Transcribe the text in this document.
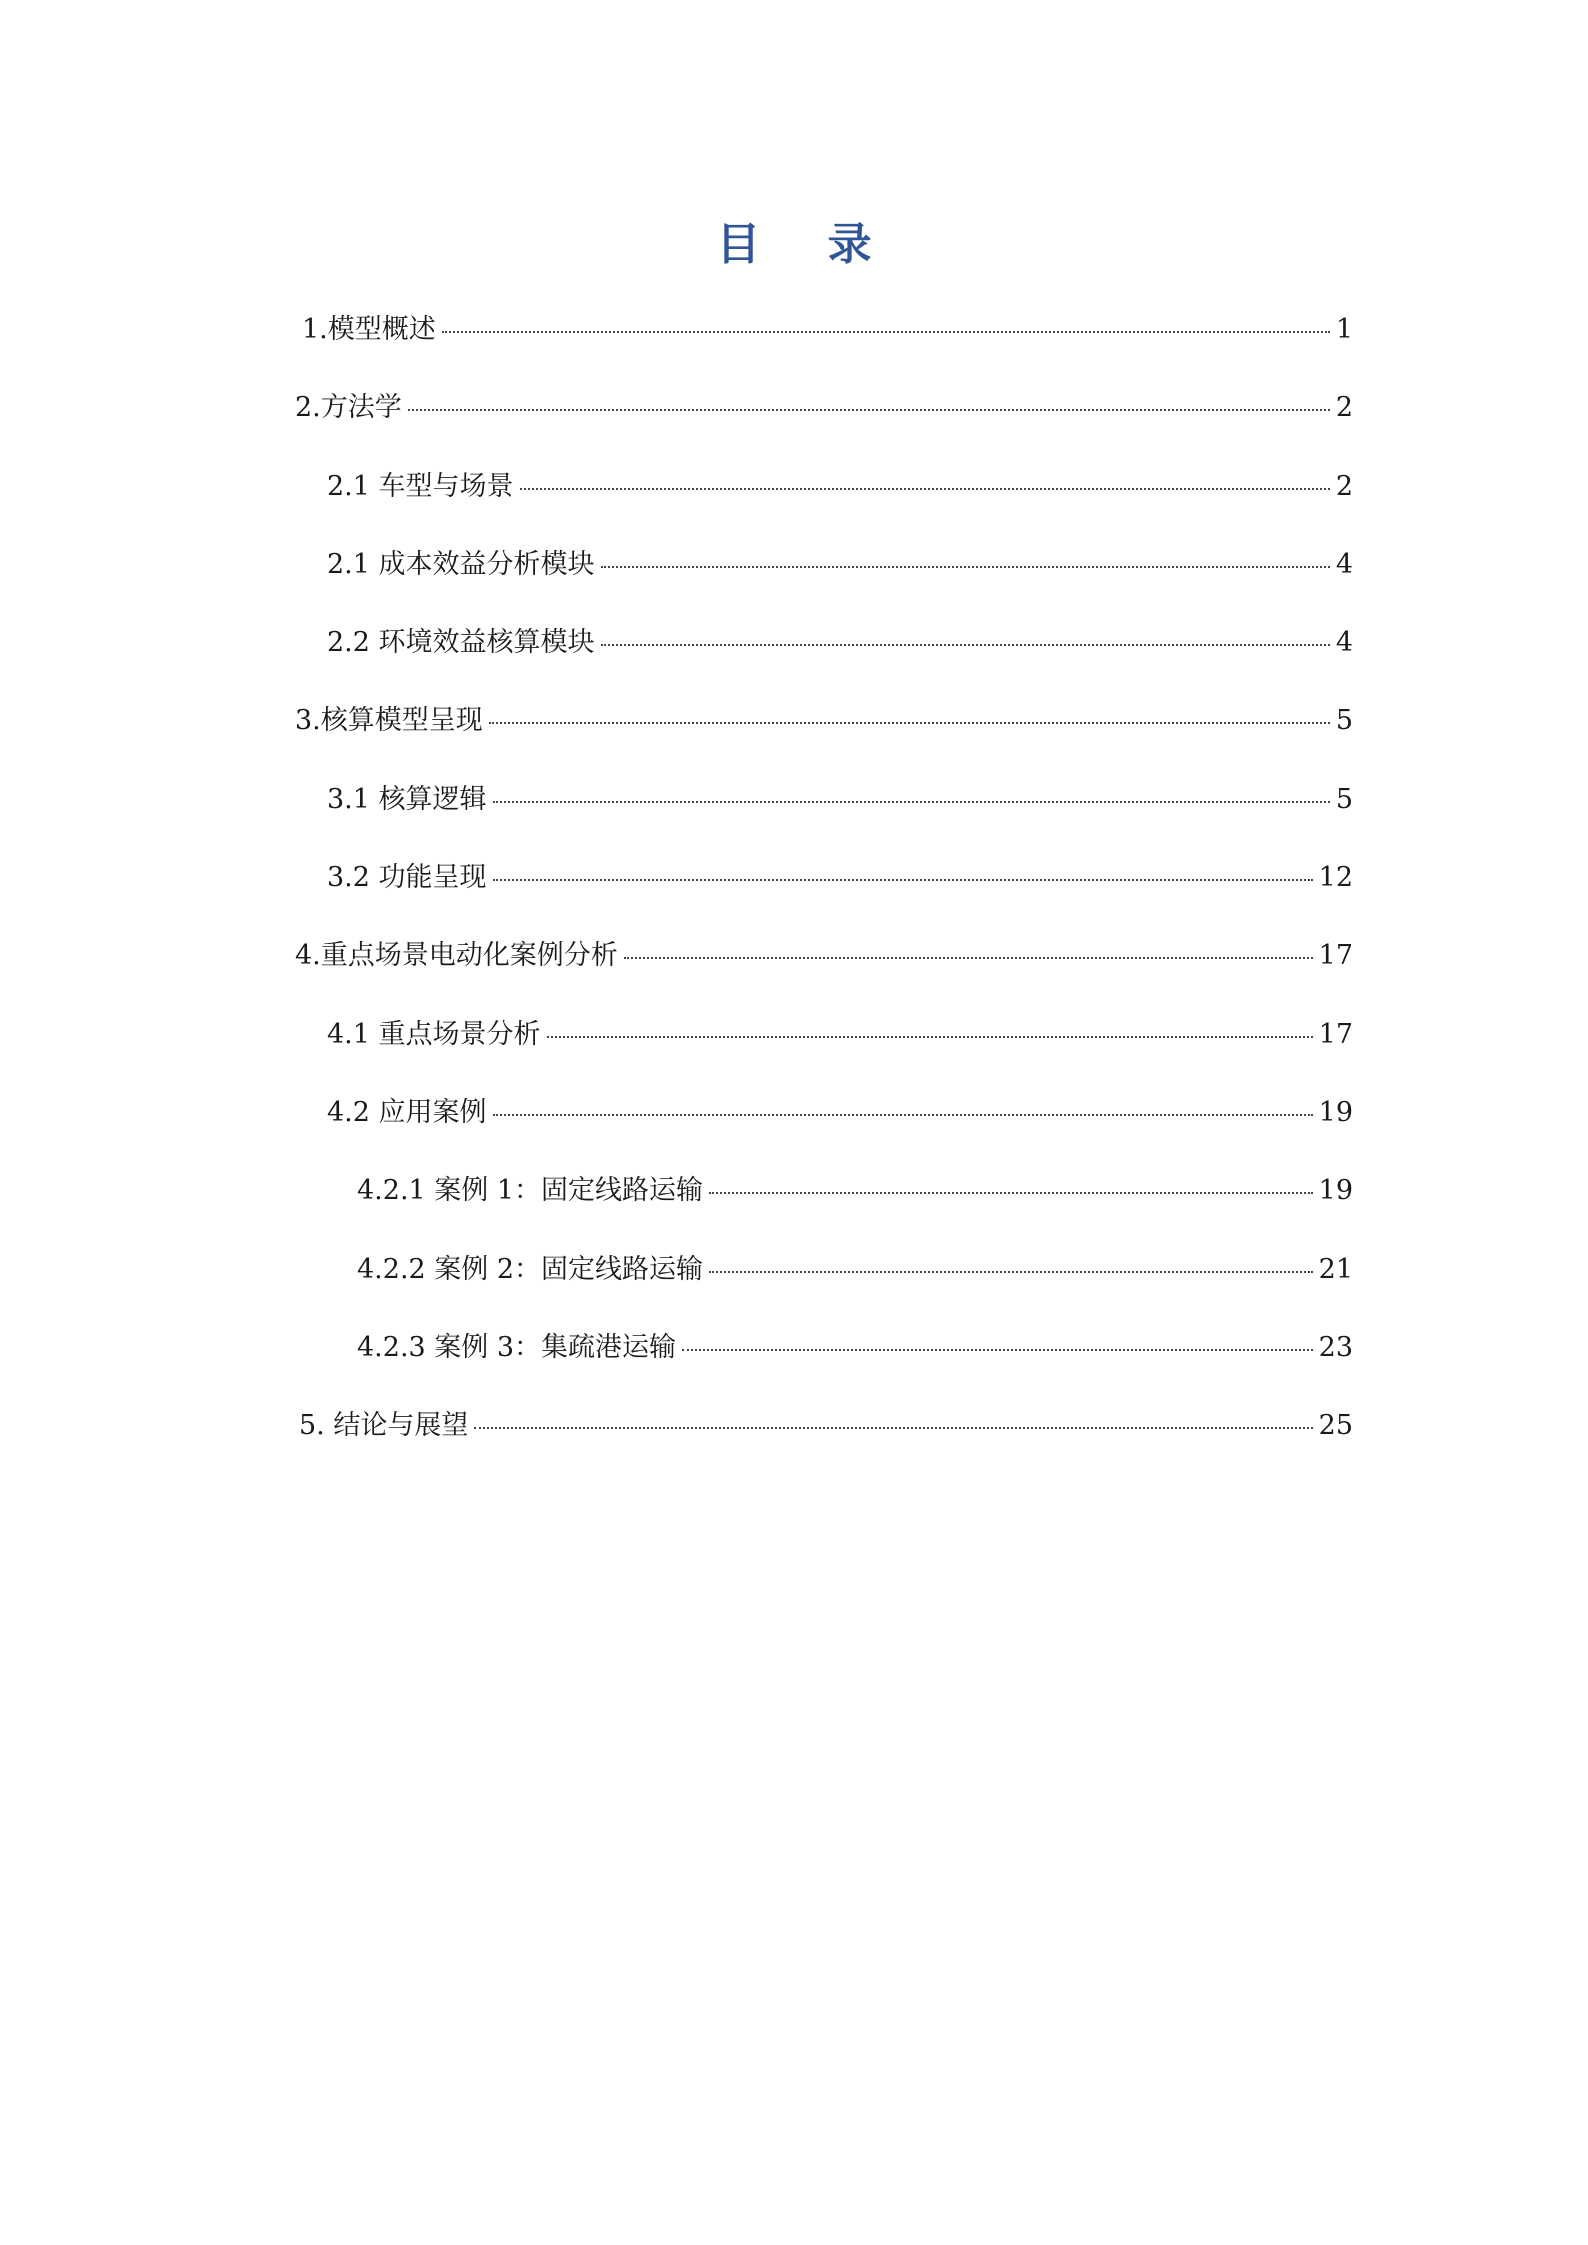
目 录
1.模型概述	1
2.方法学	2
2.1 车型与场景	2
2.1 成本效益分析模块	4
2.2 环境效益核算模块	4
3.核算模型呈现	5
3.1 核算逻辑	5
3.2 功能呈现	12
4.重点场景电动化案例分析	17
4.1 重点场景分析	17
4.2 应用案例	19
4.2.1 案例 1：固定线路运输	19
4.2.2 案例 2：固定线路运输	21
4.2.3 案例 3：集疏港运输	23
5. 结论与展望	25
